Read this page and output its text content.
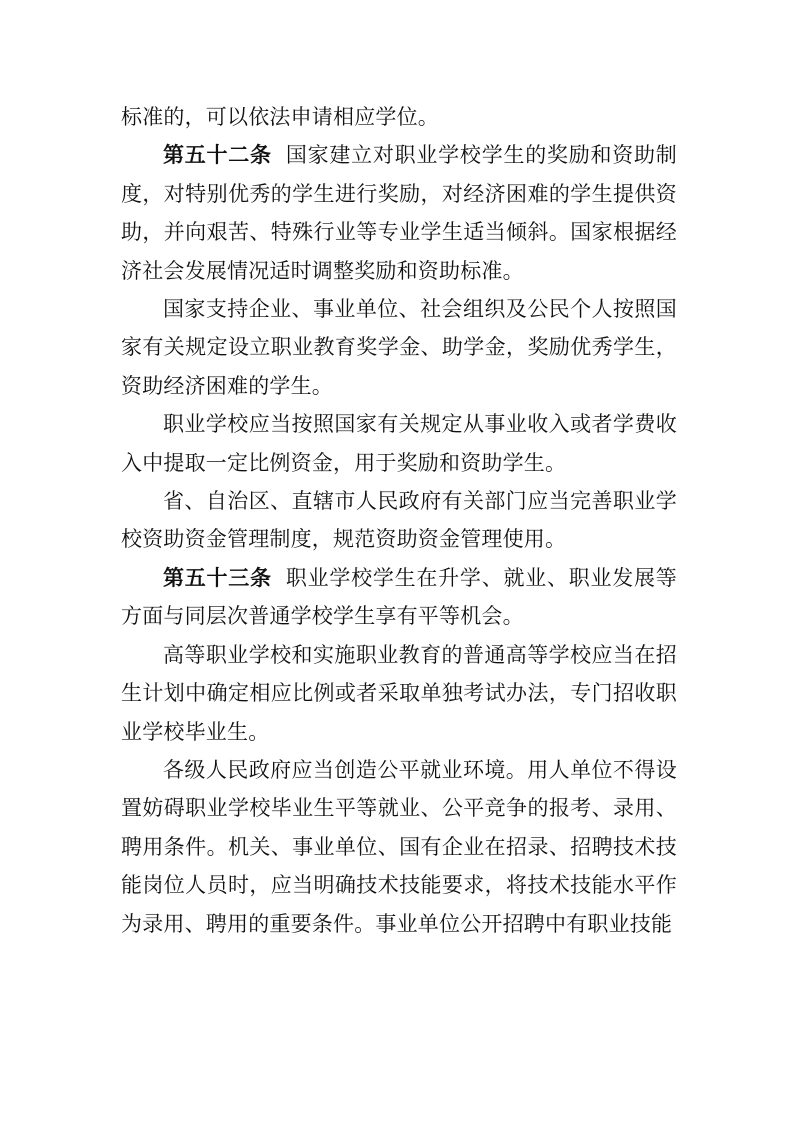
标准的，可以依法申请相应学位。

第五十二条 国家建立对职业学校学生的奖励和资助制度，对特别优秀的学生进行奖励，对经济困难的学生提供资助，并向艰苦、特殊行业等专业学生适当倾斜。国家根据经济社会发展情况适时调整奖励和资助标准。

国家支持企业、事业单位、社会组织及公民个人按照国家有关规定设立职业教育奖学金、助学金，奖励优秀学生，资助经济困难的学生。

职业学校应当按照国家有关规定从事业收入或者学费收入中提取一定比例资金，用于奖励和资助学生。

省、自治区、直辖市人民政府有关部门应当完善职业学校资助资金管理制度，规范资助资金管理使用。

第五十三条 职业学校学生在升学、就业、职业发展等方面与同层次普通学校学生享有平等机会。

高等职业学校和实施职业教育的普通高等学校应当在招生计划中确定相应比例或者采取单独考试办法，专门招收职业学校毕业生。

各级人民政府应当创造公平就业环境。用人单位不得设置妨碍职业学校毕业生平等就业、公平竞争的报考、录用、聘用条件。机关、事业单位、国有企业在招录、招聘技术技能岗位人员时，应当明确技术技能要求，将技术技能水平作为录用、聘用的重要条件。事业单位公开招聘中有职业技能
